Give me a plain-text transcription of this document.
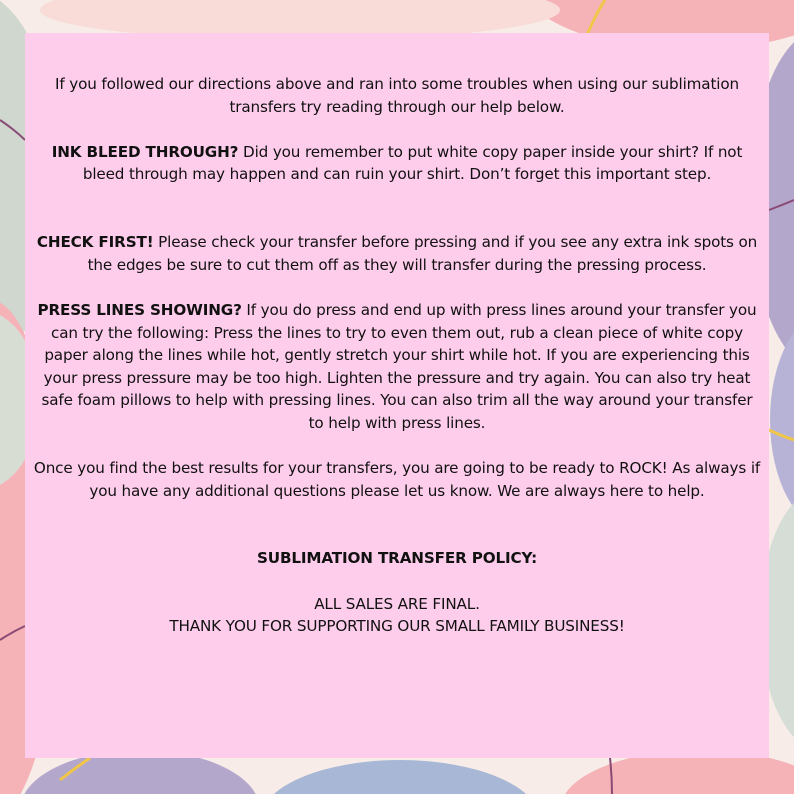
If you followed our directions above and ran into some troubles when using our sublimation transfers try reading through our help below.

INK BLEED THROUGH? Did you remember to put white copy paper inside your shirt? If not bleed through may happen and can ruin your shirt. Don’t forget this important step.

CHECK FIRST! Please check your transfer before pressing and if you see any extra ink spots on the edges be sure to cut them off as they will transfer during the pressing process.

PRESS LINES SHOWING? If you do press and end up with press lines around your transfer you can try the following: Press the lines to try to even them out, rub a clean piece of white copy paper along the lines while hot, gently stretch your shirt while hot. If you are experiencing this your press pressure may be too high. Lighten the pressure and try again. You can also try heat safe foam pillows to help with pressing lines. You can also trim all the way around your transfer to help with press lines.

Once you find the best results for your transfers, you are going to be ready to ROCK! As always if you have any additional questions please let us know. We are always here to help.

SUBLIMATION TRANSFER POLICY:

ALL SALES ARE FINAL.

THANK YOU FOR SUPPORTING OUR SMALL FAMILY BUSINESS!
